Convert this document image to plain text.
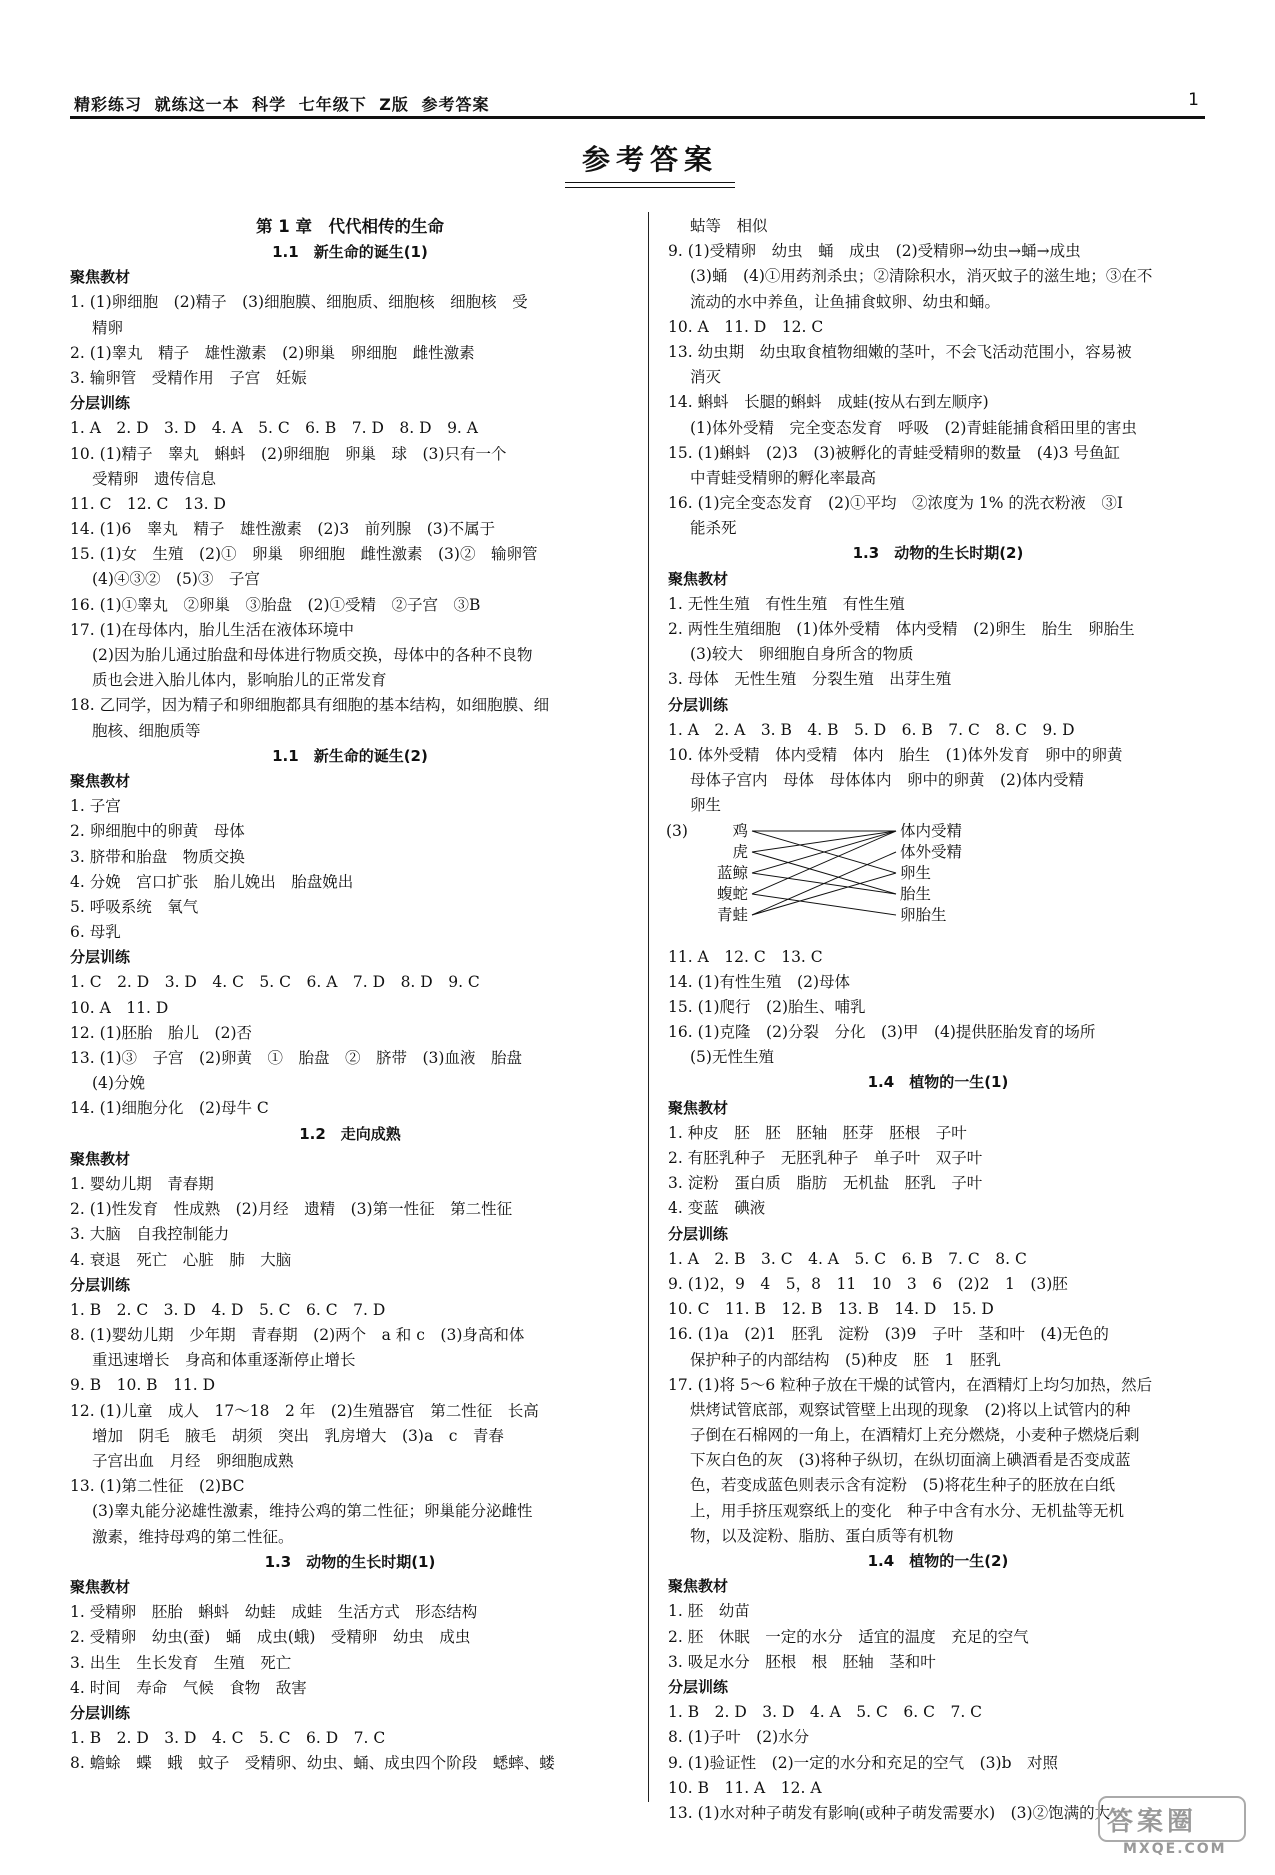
精彩练习 就练这一本 科学 七年级下 Z版 参考答案	1
参考答案
第 1 章　代代相传的生命
1.1　新生命的诞生(1)
聚焦教材
1. (1)卵细胞　(2)精子　(3)细胞膜、细胞质、细胞核　细胞核　受
精卵
2. (1)睾丸　精子　雄性激素　(2)卵巢　卵细胞　雌性激素
3. 输卵管　受精作用　子宫　妊娠
分层训练
1. A　2. D　3. D　4. A　5. C　6. B　7. D　8. D　9. A
10. (1)精子　睾丸　蝌蚪　(2)卵细胞　卵巢　球　(3)只有一个
受精卵　遗传信息
11. C　12. C　13. D
14. (1)6　睾丸　精子　雄性激素　(2)3　前列腺　(3)不属于
15. (1)女　生殖　(2)①　卵巢　卵细胞　雌性激素　(3)②　输卵管
(4)④③②　(5)③　子宫
16. (1)①睾丸　②卵巢　③胎盘　(2)①受精　②子宫　③B
17. (1)在母体内，胎儿生活在液体环境中
(2)因为胎儿通过胎盘和母体进行物质交换，母体中的各种不良物
质也会进入胎儿体内，影响胎儿的正常发育
18. 乙同学，因为精子和卵细胞都具有细胞的基本结构，如细胞膜、细
胞核、细胞质等
1.1　新生命的诞生(2)
聚焦教材
1. 子宫
2. 卵细胞中的卵黄　母体
3. 脐带和胎盘　物质交换
4. 分娩　宫口扩张　胎儿娩出　胎盘娩出
5. 呼吸系统　氧气
6. 母乳
分层训练
1. C　2. D　3. D　4. C　5. C　6. A　7. D　8. D　9. C
10. A　11. D
12. (1)胚胎　胎儿　(2)否
13. (1)③　子宫　(2)卵黄　①　胎盘　②　脐带　(3)血液　胎盘
(4)分娩
14. (1)细胞分化　(2)母牛 C
1.2　走向成熟
聚焦教材
1. 婴幼儿期　青春期
2. (1)性发育　性成熟　(2)月经　遗精　(3)第一性征　第二性征
3. 大脑　自我控制能力
4. 衰退　死亡　心脏　肺　大脑
分层训练
1. B　2. C　3. D　4. D　5. C　6. C　7. D
8. (1)婴幼儿期　少年期　青春期　(2)两个　a 和 c　(3)身高和体
重迅速增长　身高和体重逐渐停止增长
9. B　10. B　11. D
12. (1)儿童　成人　17～18　2 年　(2)生殖器官　第二性征　长高
增加　阴毛　腋毛　胡须　突出　乳房增大　(3)a　c　青春
子宫出血　月经　卵细胞成熟
13. (1)第二性征　(2)BC
(3)睾丸能分泌雄性激素，维持公鸡的第二性征；卵巢能分泌雌性
激素，维持母鸡的第二性征。
1.3　动物的生长时期(1)
聚焦教材
1. 受精卵　胚胎　蝌蚪　幼蛙　成蛙　生活方式　形态结构
2. 受精卵　幼虫(蚕)　蛹　成虫(蛾)　受精卵　幼虫　成虫
3. 出生　生长发育　生殖　死亡
4. 时间　寿命　气候　食物　敌害
分层训练
1. B　2. D　3. D　4. C　5. C　6. D　7. C
8. 蟾蜍　蝶　蛾　蚊子　受精卵、幼虫、蛹、成虫四个阶段　蟋蟀、蝼
蛄等　相似
9. (1)受精卵　幼虫　蛹　成虫　(2)受精卵→幼虫→蛹→成虫
(3)蛹　(4)①用药剂杀虫；②清除积水，消灭蚊子的滋生地；③在不
流动的水中养鱼，让鱼捕食蚊卵、幼虫和蛹。
10. A　11. D　12. C
13. 幼虫期　幼虫取食植物细嫩的茎叶，不会飞活动范围小，容易被
消灭
14. 蝌蚪　长腿的蝌蚪　成蛙(按从右到左顺序)
(1)体外受精　完全变态发育　呼吸　(2)青蛙能捕食稻田里的害虫
15. (1)蝌蚪　(2)3　(3)被孵化的青蛙受精卵的数量　(4)3 号鱼缸
中青蛙受精卵的孵化率最高
16. (1)完全变态发育　(2)①平均　②浓度为 1% 的洗衣粉液　③Ⅰ
能杀死
1.3　动物的生长时期(2)
聚焦教材
1. 无性生殖　有性生殖　有性生殖
2. 两性生殖细胞　(1)体外受精　体内受精　(2)卵生　胎生　卵胎生
(3)较大　卵细胞自身所含的物质
3. 母体　无性生殖　分裂生殖　出芽生殖
分层训练
1. A　2. A　3. B　4. B　5. D　6. B　7. C　8. C　9. D
10. 体外受精　体内受精　体内　胎生　(1)体外发育　卵中的卵黄
母体子宫内　母体　母体体内　卵中的卵黄　(2)体内受精
卵生
(3)	鸡
虎
蓝鲸
蝮蛇
青蛙
体内受精
体外受精
卵生
胎生
卵胎生
11. A　12. C　13. C
14. (1)有性生殖　(2)母体
15. (1)爬行　(2)胎生、哺乳
16. (1)克隆　(2)分裂　分化　(3)甲　(4)提供胚胎发育的场所
(5)无性生殖
1.4　植物的一生(1)
聚焦教材
1. 种皮　胚　胚　胚轴　胚芽　胚根　子叶
2. 有胚乳种子　无胚乳种子　单子叶　双子叶
3. 淀粉　蛋白质　脂肪　无机盐　胚乳　子叶
4. 变蓝　碘液
分层训练
1. A　2. B　3. C　4. A　5. C　6. B　7. C　8. C
9. (1)2，9　4　5，8　11　10　3　6　(2)2　1　(3)胚
10. C　11. B　12. B　13. B　14. D　15. D
16. (1)a　(2)1　胚乳　淀粉　(3)9　子叶　茎和叶　(4)无色的
保护种子的内部结构　(5)种皮　胚　1　胚乳
17. (1)将 5～6 粒种子放在干燥的试管内，在酒精灯上均匀加热，然后
烘烤试管底部，观察试管壁上出现的现象　(2)将以上试管内的种
子倒在石棉网的一角上，在酒精灯上充分燃烧，小麦种子燃烧后剩
下灰白色的灰　(3)将种子纵切，在纵切面滴上碘酒看是否变成蓝
色，若变成蓝色则表示含有淀粉　(5)将花生种子的胚放在白纸
上，用手挤压观察纸上的变化　种子中含有水分、无机盐等无机
物，以及淀粉、脂肪、蛋白质等有机物
1.4　植物的一生(2)
聚焦教材
1. 胚　幼苗
2. 胚　休眠　一定的水分　适宜的温度　充足的空气
3. 吸足水分　胚根　根　胚轴　茎和叶
分层训练
1. B　2. D　3. D　4. A　5. C　6. C　7. C
8. (1)子叶　(2)水分
9. (1)验证性　(2)一定的水分和充足的空气　(3)b　对照
10. B　11. A　12. A
13. (1)水对种子萌发有影响(或种子萌发需要水)　(3)②饱满的大
答案圈
MXQE.COM
